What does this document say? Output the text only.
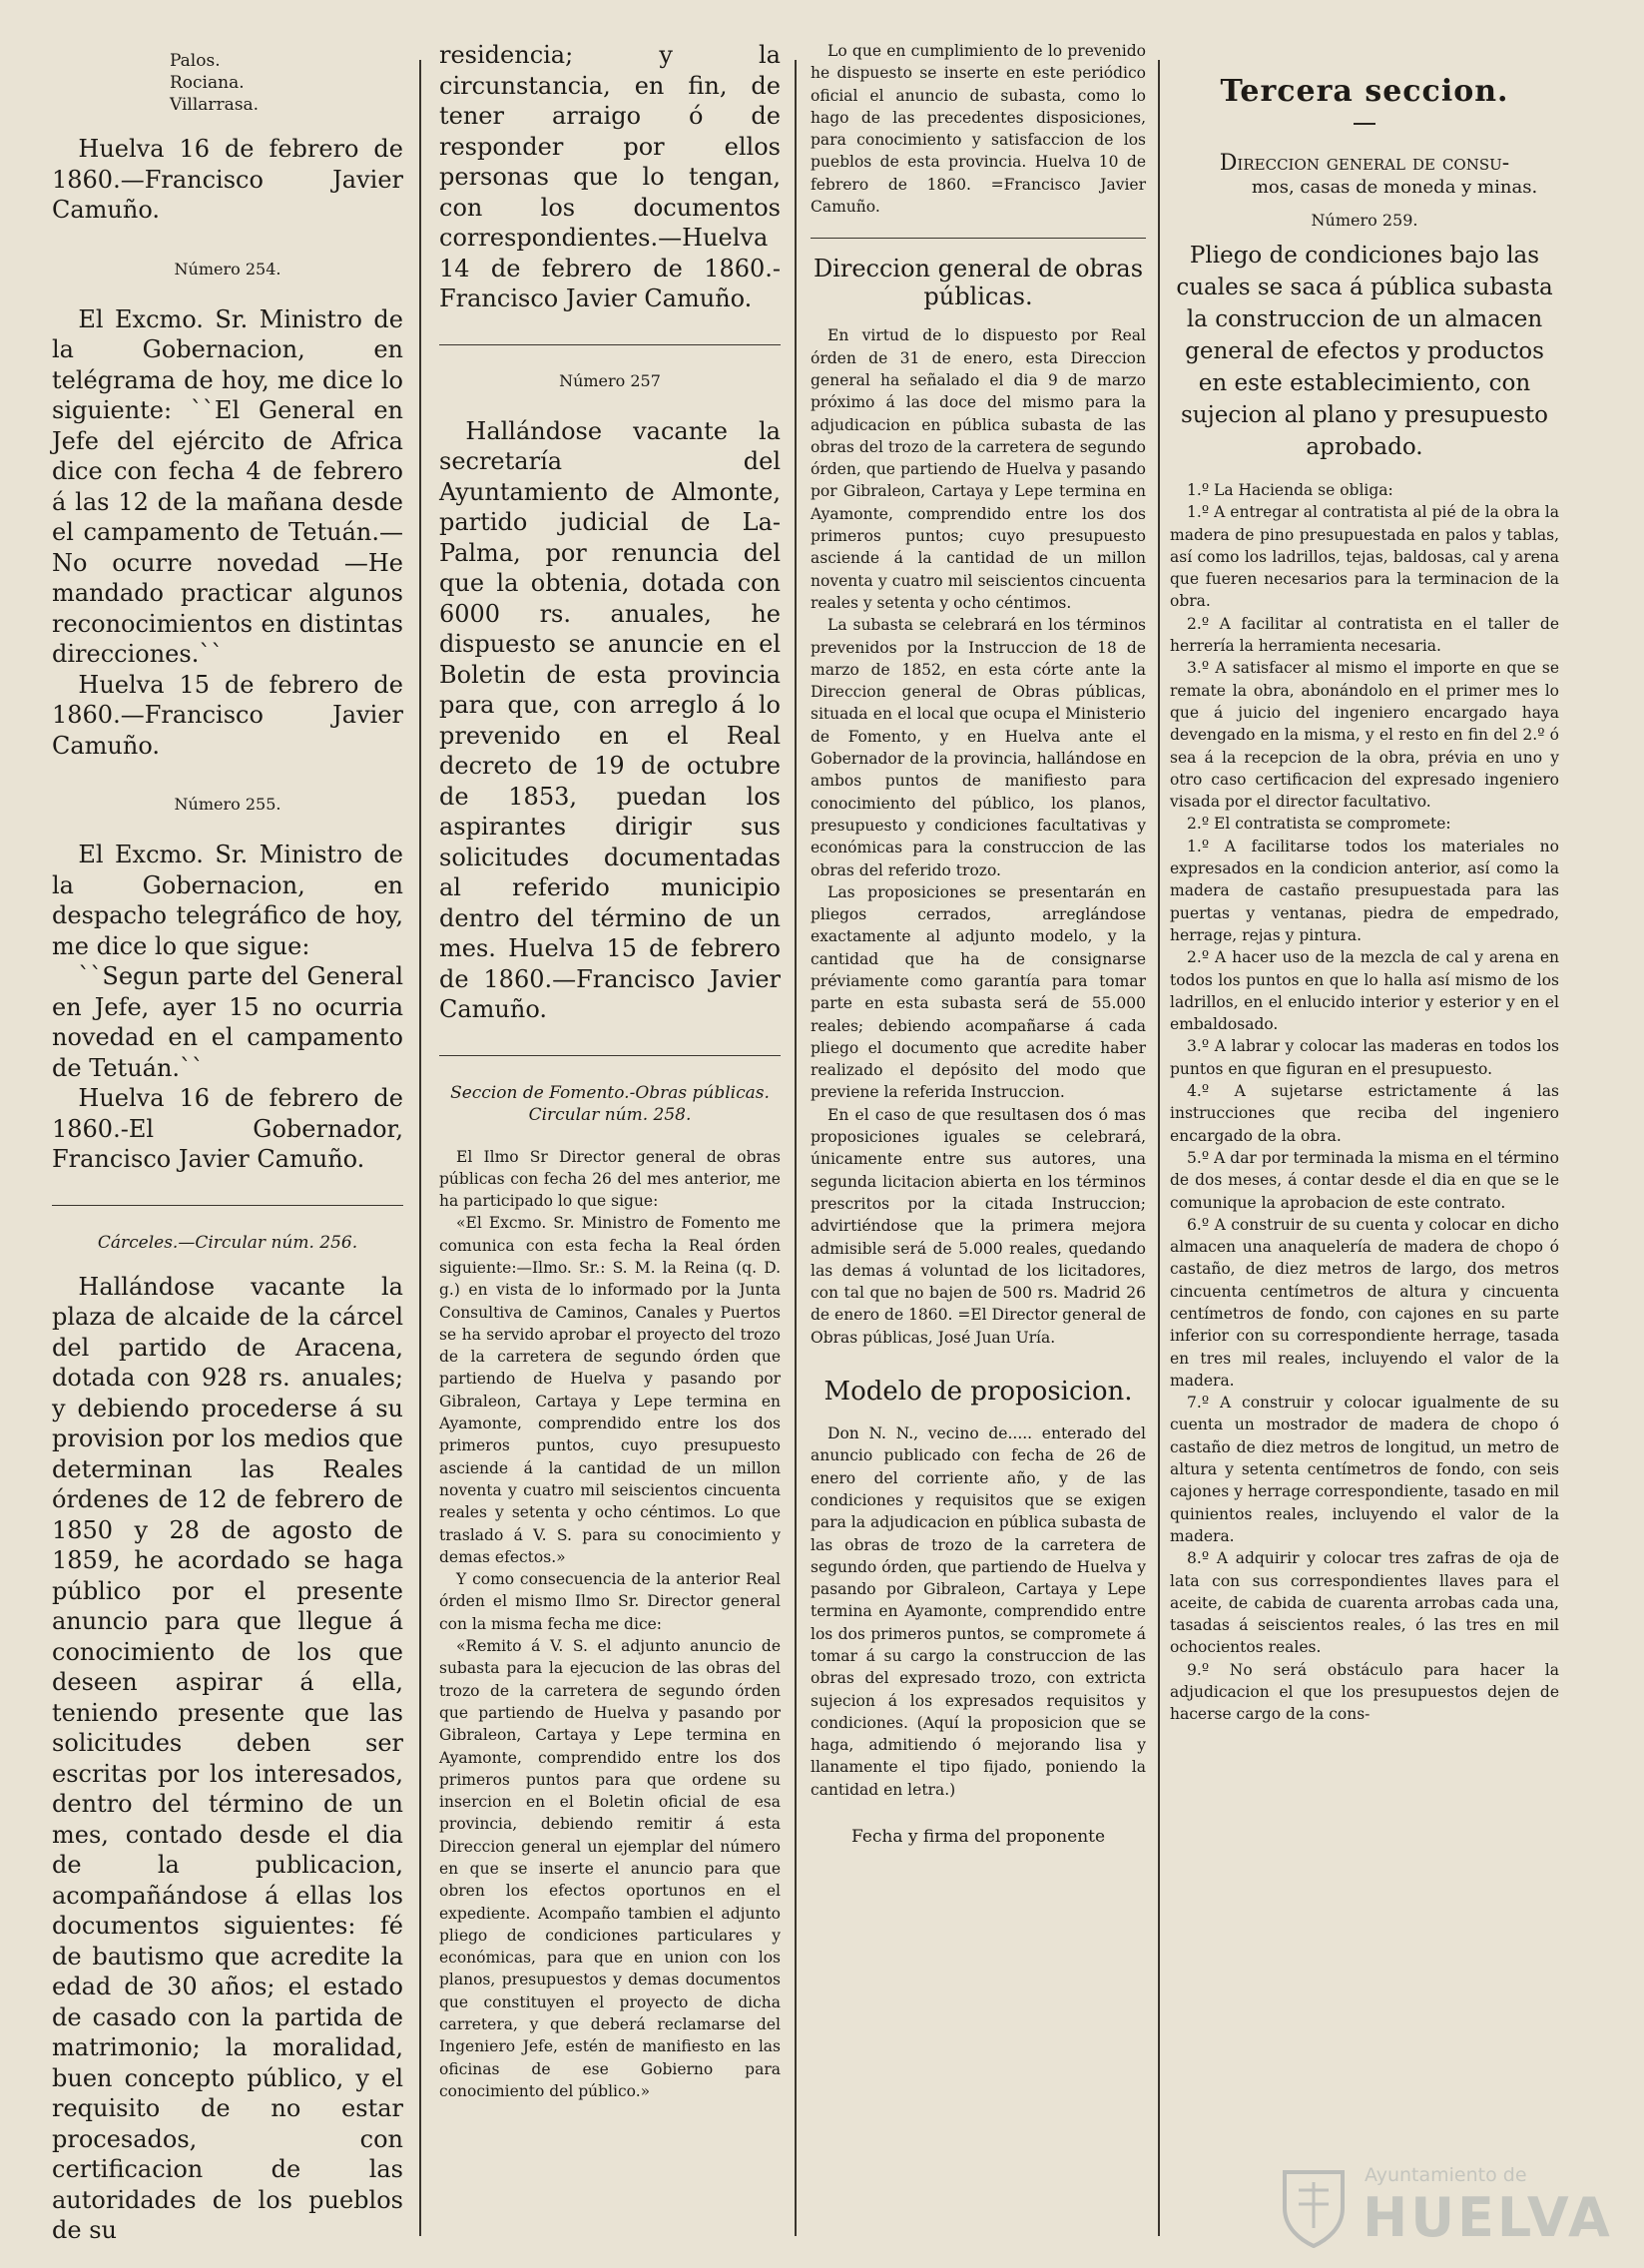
Palos.
Rociana.
Villarrasa.

Huelva 16 de febrero de 1860.—Francisco Javier Camuño.

Número 254.

El Excmo. Sr. Ministro de la Gobernacion, en telégrama de hoy, me dice lo siguiente: ``El General en Jefe del ejército de Africa dice con fecha 4 de febrero á las 12 de la mañana desde el campamento de Tetuán.—No ocurre novedad —He mandado practicar algunos reconocimientos en distintas direcciones.``

Huelva 15 de febrero de 1860.—Francisco Javier Camuño.

Número 255.

El Excmo. Sr. Ministro de la Gobernacion, en despacho telegráfico de hoy, me dice lo que sigue:

``Segun parte del General en Jefe, ayer 15 no ocurria novedad en el campamento de Tetuán.``

Huelva 16 de febrero de 1860.-El Gobernador, Francisco Javier Camuño.

Cárceles.—Circular núm. 256.

Hallándose vacante la plaza de alcaide de la cárcel del partido de Aracena, dotada con 928 rs. anuales; y debiendo procederse á su provision por los medios que determinan las Reales órdenes de 12 de febrero de 1850 y 28 de agosto de 1859, he acordado se haga público por el presente anuncio para que llegue á conocimiento de los que deseen aspirar á ella, teniendo presente que las solicitudes deben ser escritas por los interesados, dentro del término de un mes, contado desde el dia de la publicacion, acompañándose á ellas los documentos siguientes: fé de bautismo que acredite la edad de 30 años; el estado de casado con la partida de matrimonio; la moralidad, buen concepto público, y el requisito de no estar procesados, con certificacion de las autoridades de los pueblos de su

residencia; y la circunstancia, en fin, de tener arraigo ó de responder por ellos personas que lo tengan, con los documentos correspondientes.—Huelva 14 de febrero de 1860.-Francisco Javier Camuño.

Número 257

Hallándose vacante la secretaría del Ayuntamiento de Almonte, partido judicial de La-Palma, por renuncia del que la obtenia, dotada con 6000 rs. anuales, he dispuesto se anuncie en el Boletin de esta provincia para que, con arreglo á lo prevenido en el Real decreto de 19 de octubre de 1853, puedan los aspirantes dirigir sus solicitudes documentadas al referido municipio dentro del término de un mes. Huelva 15 de febrero de 1860.—Francisco Javier Camuño.

Seccion de Fomento.-Obras públicas. Circular núm. 258.

El Ilmo Sr Director general de obras públicas con fecha 26 del mes anterior, me ha participado lo que sigue:

«El Excmo. Sr. Ministro de Fomento me comunica con esta fecha la Real órden siguiente:—Ilmo. Sr.: S. M. la Reina (q. D. g.) en vista de lo informado por la Junta Consultiva de Caminos, Canales y Puertos se ha servido aprobar el proyecto del trozo de la carretera de segundo órden que partiendo de Huelva y pasando por Gibraleon, Cartaya y Lepe termina en Ayamonte, comprendido entre los dos primeros puntos, cuyo presupuesto asciende á la cantidad de un millon noventa y cuatro mil seiscientos cincuenta reales y setenta y ocho céntimos. Lo que traslado á V. S. para su conocimiento y demas efectos.»

Y como consecuencia de la anterior Real órden el mismo Ilmo Sr. Director general con la misma fecha me dice:

«Remito á V. S. el adjunto anuncio de subasta para la ejecucion de las obras del trozo de la carretera de segundo órden que partiendo de Huelva y pasando por Gibraleon, Cartaya y Lepe termina en Ayamonte, comprendido entre los dos primeros puntos para que ordene su insercion en el Boletin oficial de esa provincia, debiendo remitir á esta Direccion general un ejemplar del número en que se inserte el anuncio para que obren los efectos oportunos en el expediente. Acompaño tambien el adjunto pliego de condiciones particulares y económicas, para que en union con los planos, presupuestos y demas documentos que constituyen el proyecto de dicha carretera, y que deberá reclamarse del Ingeniero Jefe, estén de manifiesto en las oficinas de ese Gobierno para conocimiento del público.»

Lo que en cumplimiento de lo prevenido he dispuesto se inserte en este periódico oficial el anuncio de subasta, como lo hago de las precedentes disposiciones, para conocimiento y satisfaccion de los pueblos de esta provincia. Huelva 10 de febrero de 1860. =Francisco Javier Camuño.

Direccion general de obras públicas.

En virtud de lo dispuesto por Real órden de 31 de enero, esta Direccion general ha señalado el dia 9 de marzo próximo á las doce del mismo para la adjudicacion en pública subasta de las obras del trozo de la carretera de segundo órden, que partiendo de Huelva y pasando por Gibraleon, Cartaya y Lepe termina en Ayamonte, comprendido entre los dos primeros puntos; cuyo presupuesto asciende á la cantidad de un millon noventa y cuatro mil seiscientos cincuenta reales y setenta y ocho céntimos.

La subasta se celebrará en los términos prevenidos por la Instruccion de 18 de marzo de 1852, en esta córte ante la Direccion general de Obras públicas, situada en el local que ocupa el Ministerio de Fomento, y en Huelva ante el Gobernador de la provincia, hallándose en ambos puntos de manifiesto para conocimiento del público, los planos, presupuesto y condiciones facultativas y económicas para la construccion de las obras del referido trozo.

Las proposiciones se presentarán en pliegos cerrados, arreglándose exactamente al adjunto modelo, y la cantidad que ha de consignarse préviamente como garantía para tomar parte en esta subasta será de 55.000 reales; debiendo acompañarse á cada pliego el documento que acredite haber realizado el depósito del modo que previene la referida Instruccion.

En el caso de que resultasen dos ó mas proposiciones iguales se celebrará, únicamente entre sus autores, una segunda licitacion abierta en los términos prescritos por la citada Instruccion; advirtiéndose que la primera mejora admisible será de 5.000 reales, quedando las demas á voluntad de los licitadores, con tal que no bajen de 500 rs. Madrid 26 de enero de 1860. =El Director general de Obras públicas, José Juan Uría.

Modelo de proposicion.

Don N. N., vecino de..... enterado del anuncio publicado con fecha de 26 de enero del corriente año, y de las condiciones y requisitos que se exigen para la adjudicacion en pública subasta de las obras de trozo de la carretera de segundo órden, que partiendo de Huelva y pasando por Gibraleon, Cartaya y Lepe termina en Ayamonte, comprendido entre los dos primeros puntos, se compromete á tomar á su cargo la construccion de las obras del expresado trozo, con extricta sujecion á los expresados requisitos y condiciones. (Aquí la proposicion que se haga, admitiendo ó mejorando lisa y llanamente el tipo fijado, poniendo la cantidad en letra.)

Fecha y firma del proponente
Tercera seccion.
Direccion general de consu-
mos, casas de moneda y minas.
Número 259.

Pliego de condiciones bajo las cuales se saca á pública subasta la construccion de un almacen general de efectos y productos en este establecimiento, con sujecion al plano y presupuesto aprobado.

1.º La Hacienda se obliga:

1.º A entregar al contratista al pié de la obra la madera de pino presupuestada en palos y tablas, así como los ladrillos, tejas, baldosas, cal y arena que fueren necesarios para la terminacion de la obra.

2.º A facilitar al contratista en el taller de herrería la herramienta necesaria.

3.º A satisfacer al mismo el importe en que se remate la obra, abonándolo en el primer mes lo que á juicio del ingeniero encargado haya devengado en la misma, y el resto en fin del 2.º ó sea á la recepcion de la obra, prévia en uno y otro caso certificacion del expresado ingeniero visada por el director facultativo.

2.º El contratista se compromete:

1.º A facilitarse todos los materiales no expresados en la condicion anterior, así como la madera de castaño presupuestada para las puertas y ventanas, piedra de empedrado, herrage, rejas y pintura.

2.º A hacer uso de la mezcla de cal y arena en todos los puntos en que lo halla así mismo de los ladrillos, en el enlucido interior y esterior y en el embaldosado.

3.º A labrar y colocar las maderas en todos los puntos en que figuran en el presupuesto.

4.º A sujetarse estrictamente á las instrucciones que reciba del ingeniero encargado de la obra.

5.º A dar por terminada la misma en el término de dos meses, á contar desde el dia en que se le comunique la aprobacion de este contrato.

6.º A construir de su cuenta y colocar en dicho almacen una anaquelería de madera de chopo ó castaño, de diez metros de largo, dos metros cincuenta centímetros de altura y cincuenta centímetros de fondo, con cajones en su parte inferior con su correspondiente herrage, tasada en tres mil reales, incluyendo el valor de la madera.

7.º A construir y colocar igualmente de su cuenta un mostrador de madera de chopo ó castaño de diez metros de longitud, un metro de altura y setenta centímetros de fondo, con seis cajones y herrage correspondiente, tasado en mil quinientos reales, incluyendo el valor de la madera.

8.º A adquirir y colocar tres zafras de oja de lata con sus correspondientes llaves para el aceite, de cabida de cuarenta arrobas cada una, tasadas á seiscientos reales, ó las tres en mil ochocientos reales.

9.º No será obstáculo para hacer la adjudicacion el que los presupuestos dejen de hacerse cargo de la cons-

Ayuntamiento de
HUELVA
